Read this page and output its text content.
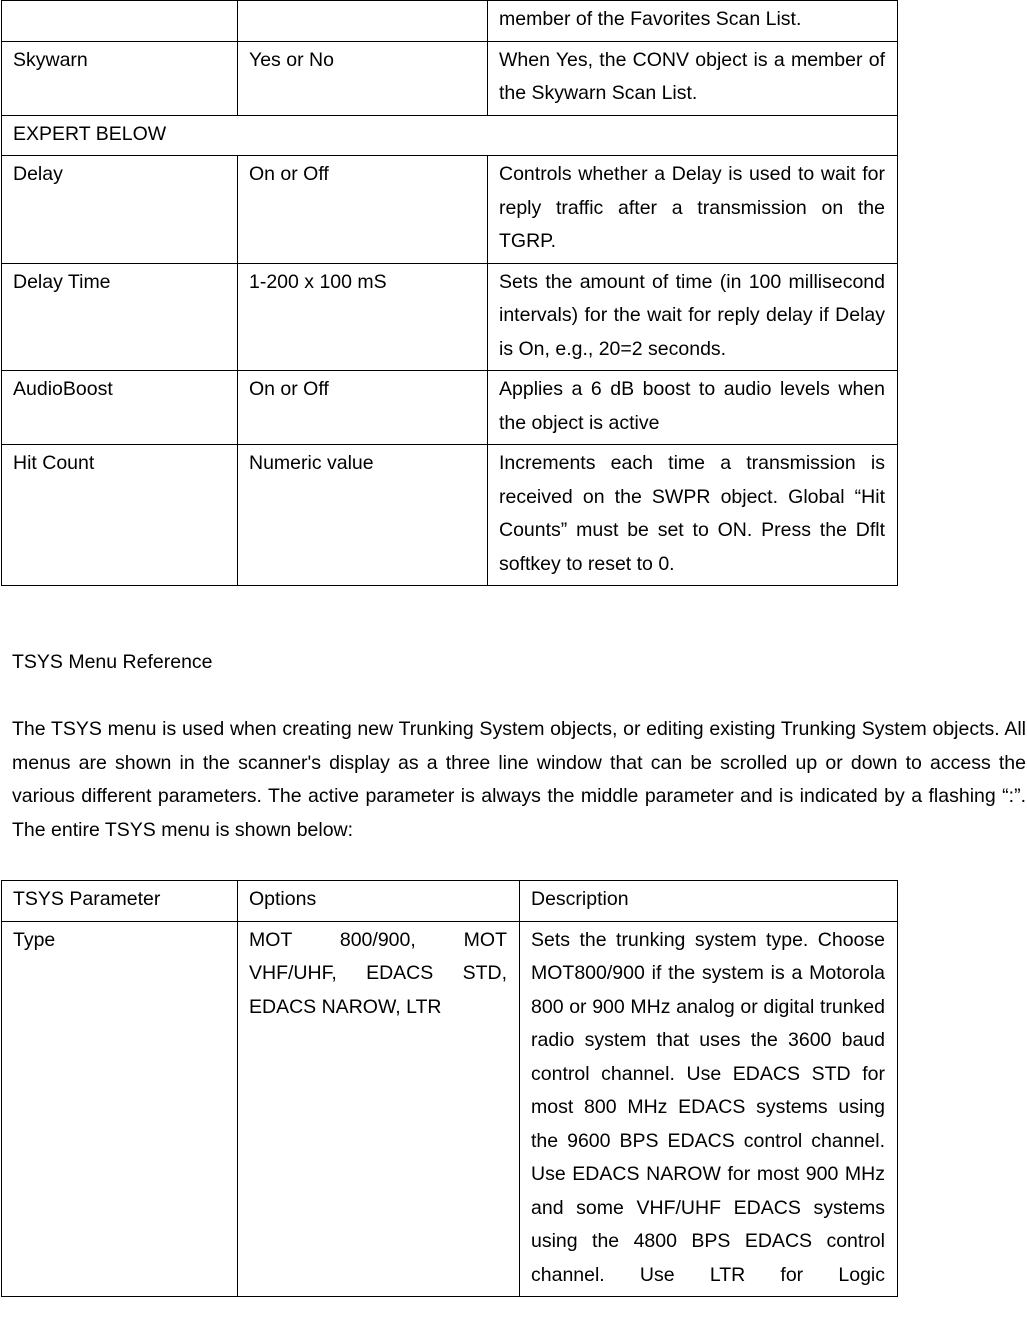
		member of the Favorites Scan List.
Skywarn	Yes or No	When Yes, the CONV object is a member of the Skywarn Scan List.
EXPERT BELOW		
Delay	On or Off	Controls whether a Delay is used to wait for reply traffic after a transmission on the TGRP.
Delay Time	1-200 x 100 mS	Sets the amount of time (in 100 millisecond intervals) for the wait for reply delay if Delay is On, e.g., 20=2 seconds.
AudioBoost	On or Off	Applies a 6 dB boost to audio levels when the object is active
Hit Count	Numeric value	Increments each time a transmission is received on the SWPR object. Global “Hit Counts” must be set to ON. Press the Dflt softkey to reset to 0.
TSYS Menu Reference

The TSYS menu is used when creating new Trunking System objects, or editing existing Trunking System objects. All menus are shown in the scanner's display as a three line window that can be scrolled up or down to access the various different parameters. The active parameter is always the middle parameter and is indicated by a flashing “:”. The entire TSYS menu is shown below:

TSYS Parameter	Options	Description
Type	MOT 800/900, MOT VHF/UHF, EDACS STD, EDACS NAROW, LTR	Sets the trunking system type. Choose MOT800/900 if the system is a Motorola 800 or 900 MHz analog or digital trunked radio system that uses the 3600 baud control channel. Use EDACS STD for most 800 MHz EDACS systems using the 9600 BPS EDACS control channel. Use EDACS NAROW for most 900 MHz and some VHF/UHF EDACS systems using the 4800 BPS EDACS control channel. Use LTR for Logic
